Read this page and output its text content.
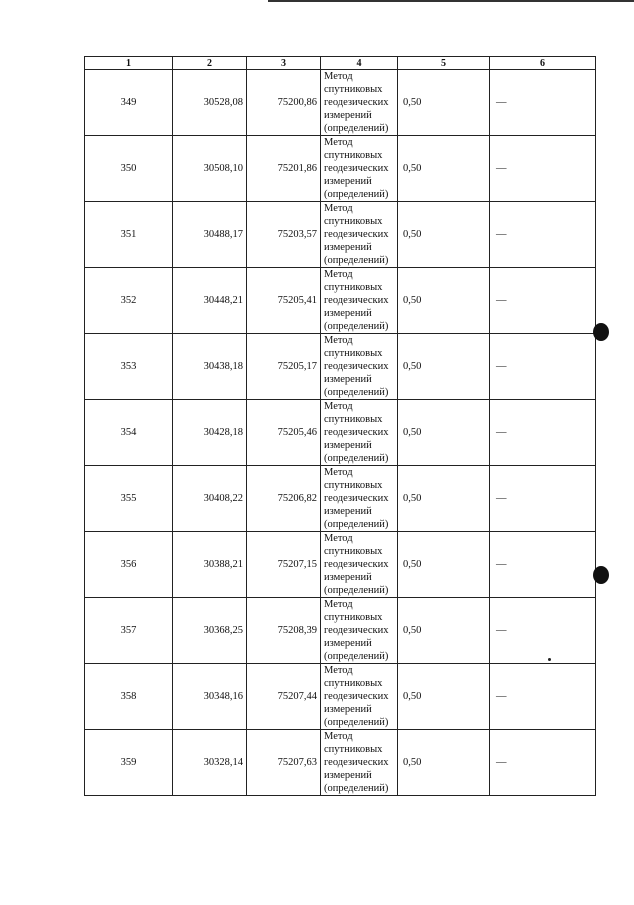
1	2	3	4	5	6
349	30528,08	75200,86	Метод
спутниковых
геодезических
измерений
(определений)	0,50	—
350	30508,10	75201,86	Метод
спутниковых
геодезических
измерений
(определений)	0,50	—
351	30488,17	75203,57	Метод
спутниковых
геодезических
измерений
(определений)	0,50	—
352	30448,21	75205,41	Метод
спутниковых
геодезических
измерений
(определений)	0,50	—
353	30438,18	75205,17	Метод
спутниковых
геодезических
измерений
(определений)	0,50	—
354	30428,18	75205,46	Метод
спутниковых
геодезических
измерений
(определений)	0,50	—
355	30408,22	75206,82	Метод
спутниковых
геодезических
измерений
(определений)	0,50	—
356	30388,21	75207,15	Метод
спутниковых
геодезических
измерений
(определений)	0,50	—
357	30368,25	75208,39	Метод
спутниковых
геодезических
измерений
(определений)	0,50	—
358	30348,16	75207,44	Метод
спутниковых
геодезических
измерений
(определений)	0,50	—
359	30328,14	75207,63	Метод
спутниковых
геодезических
измерений
(определений)	0,50	—
